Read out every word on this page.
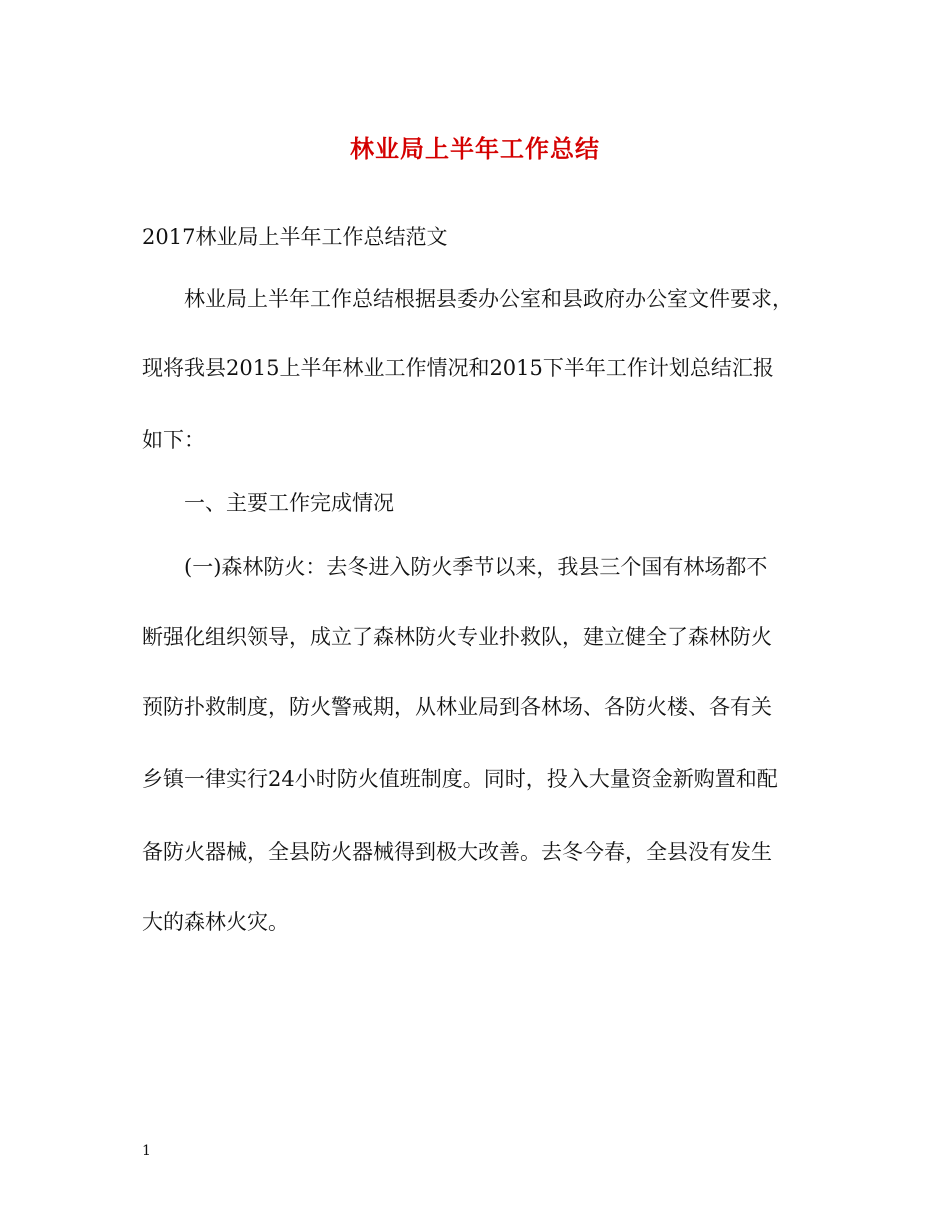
林业局上半年工作总结
2017林业局上半年工作总结范文
林业局上半年工作总结根据县委办公室和县政府办公室文件要求，
现将我县2015上半年林业工作情况和2015下半年工作计划总结汇报
如下：
一、主要工作完成情况
(一)森林防火：去冬进入防火季节以来，我县三个国有林场都不
断强化组织领导，成立了森林防火专业扑救队，建立健全了森林防火
预防扑救制度，防火警戒期，从林业局到各林场、各防火楼、各有关
乡镇一律实行24小时防火值班制度。同时，投入大量资金新购置和配
备防火器械，全县防火器械得到极大改善。去冬今春，全县没有发生
大的森林火灾。
1
